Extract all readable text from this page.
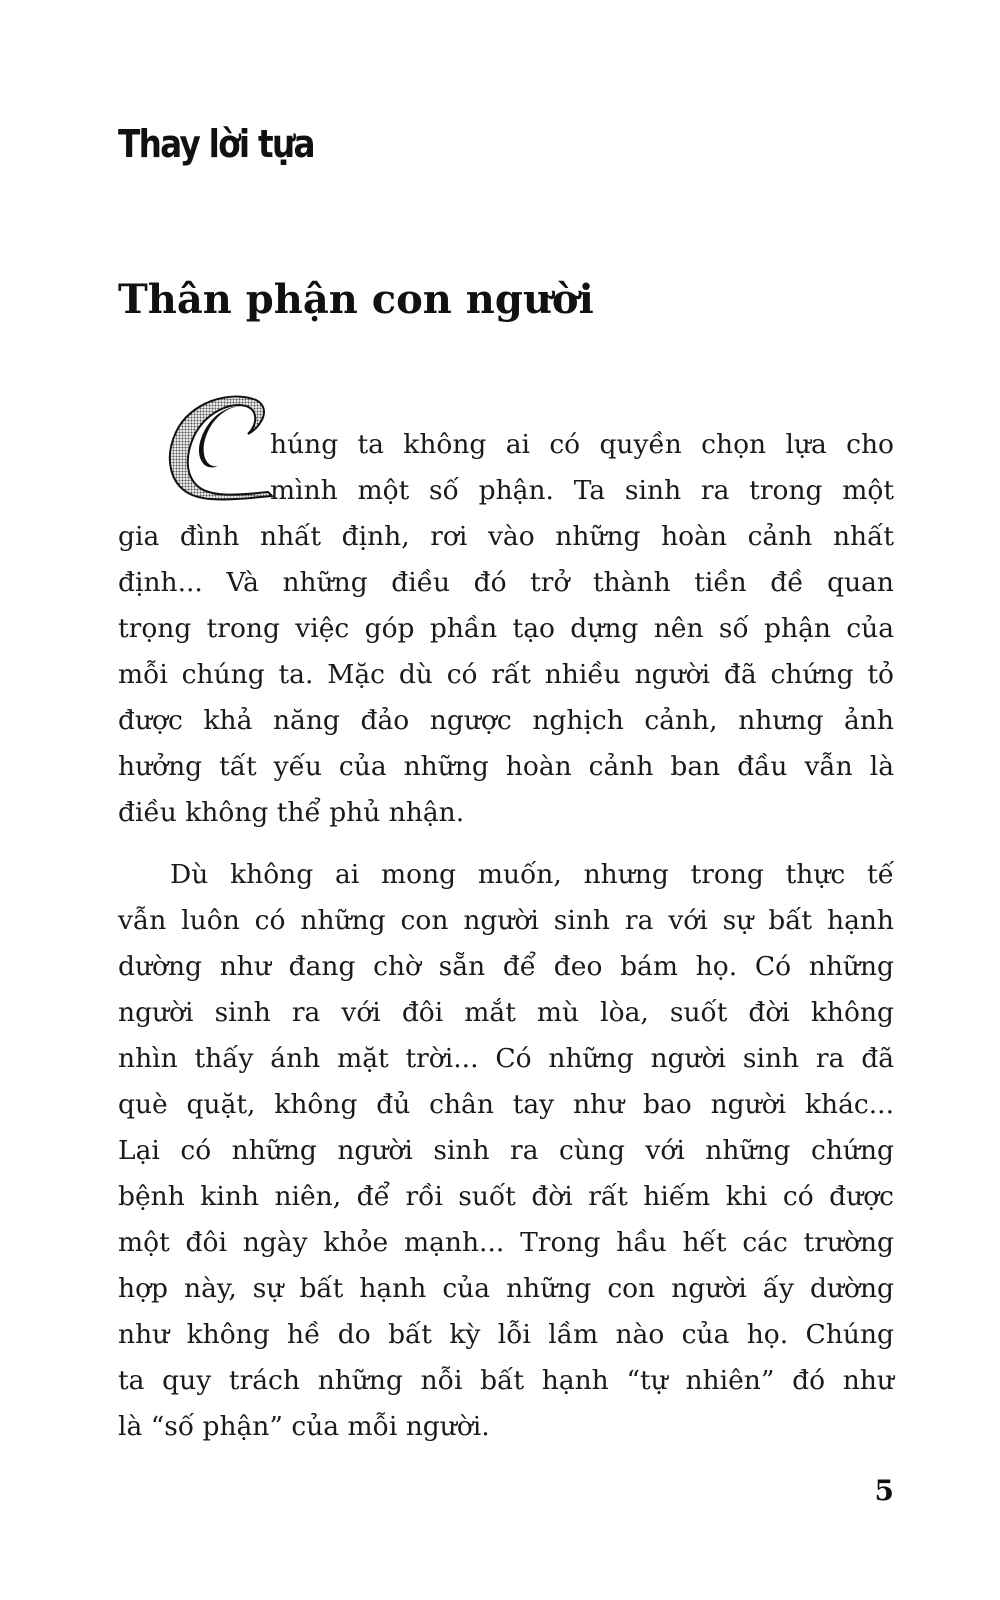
Thay lời tựa
Thân phận con người
húng ta không ai có quyền chọn lựa cho
mình một số phận. Ta sinh ra trong một
gia đình nhất định, rơi vào những hoàn cảnh nhất
định... Và những điều đó trở thành tiền đề quan
trọng trong việc góp phần tạo dựng nên số phận của
mỗi chúng ta. Mặc dù có rất nhiều người đã chứng tỏ
được khả năng đảo ngược nghịch cảnh, nhưng ảnh
hưởng tất yếu của những hoàn cảnh ban đầu vẫn là
điều không thể phủ nhận.
Dù không ai mong muốn, nhưng trong thực tế
vẫn luôn có những con người sinh ra với sự bất hạnh
dường như đang chờ sẵn để đeo bám họ. Có những
người sinh ra với đôi mắt mù lòa, suốt đời không
nhìn thấy ánh mặt trời... Có những người sinh ra đã
què quặt, không đủ chân tay như bao người khác...
Lại có những người sinh ra cùng với những chứng
bệnh kinh niên, để rồi suốt đời rất hiếm khi có được
một đôi ngày khỏe mạnh... Trong hầu hết các trường
hợp này, sự bất hạnh của những con người ấy dường
như không hề do bất kỳ lỗi lầm nào của họ. Chúng
ta quy trách những nỗi bất hạnh “tự nhiên” đó như
là “số phận” của mỗi người.
5
